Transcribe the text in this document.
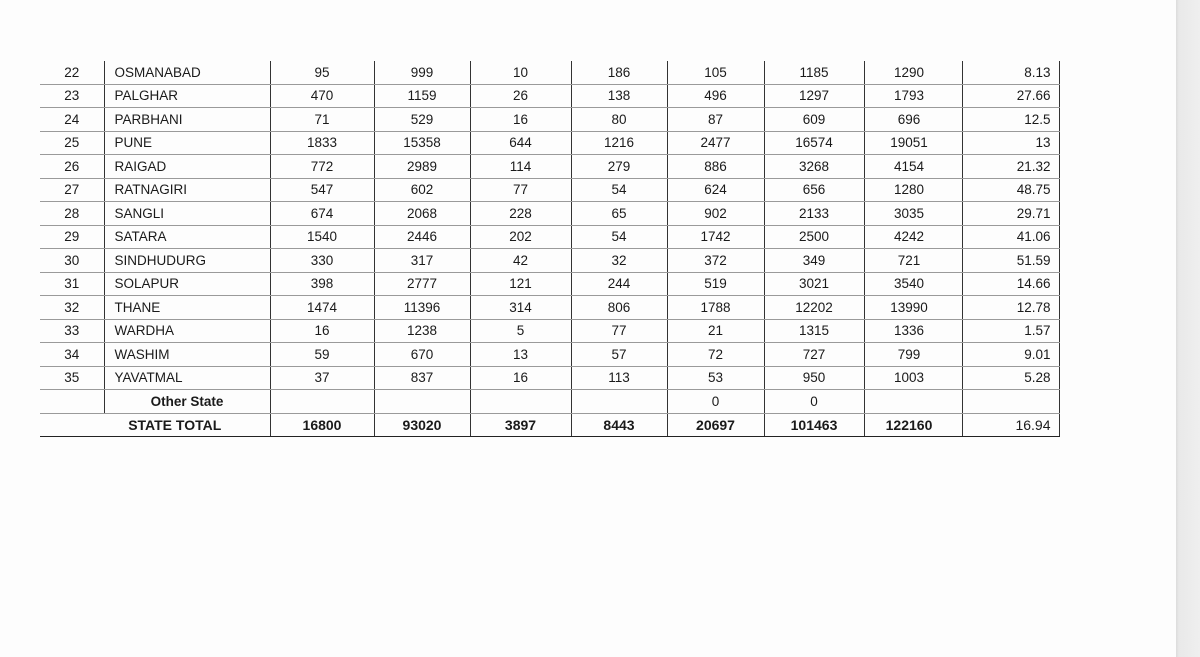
22	OSMANABAD	95	999	10	186	105	1185	1290	8.13
23	PALGHAR	470	1159	26	138	496	1297	1793	27.66
24	PARBHANI	71	529	16	80	87	609	696	12.5
25	PUNE	1833	15358	644	1216	2477	16574	19051	13
26	RAIGAD	772	2989	114	279	886	3268	4154	21.32
27	RATNAGIRI	547	602	77	54	624	656	1280	48.75
28	SANGLI	674	2068	228	65	902	2133	3035	29.71
29	SATARA	1540	2446	202	54	1742	2500	4242	41.06
30	SINDHUDURG	330	317	42	32	372	349	721	51.59
31	SOLAPUR	398	2777	121	244	519	3021	3540	14.66
32	THANE	1474	11396	314	806	1788	12202	13990	12.78
33	WARDHA	16	1238	5	77	21	1315	1336	1.57
34	WASHIM	59	670	13	57	72	727	799	9.01
35	YAVATMAL	37	837	16	113	53	950	1003	5.28
	Other State					0	0		
STATE TOTAL		16800	93020	3897	8443	20697	101463	122160	16.94
